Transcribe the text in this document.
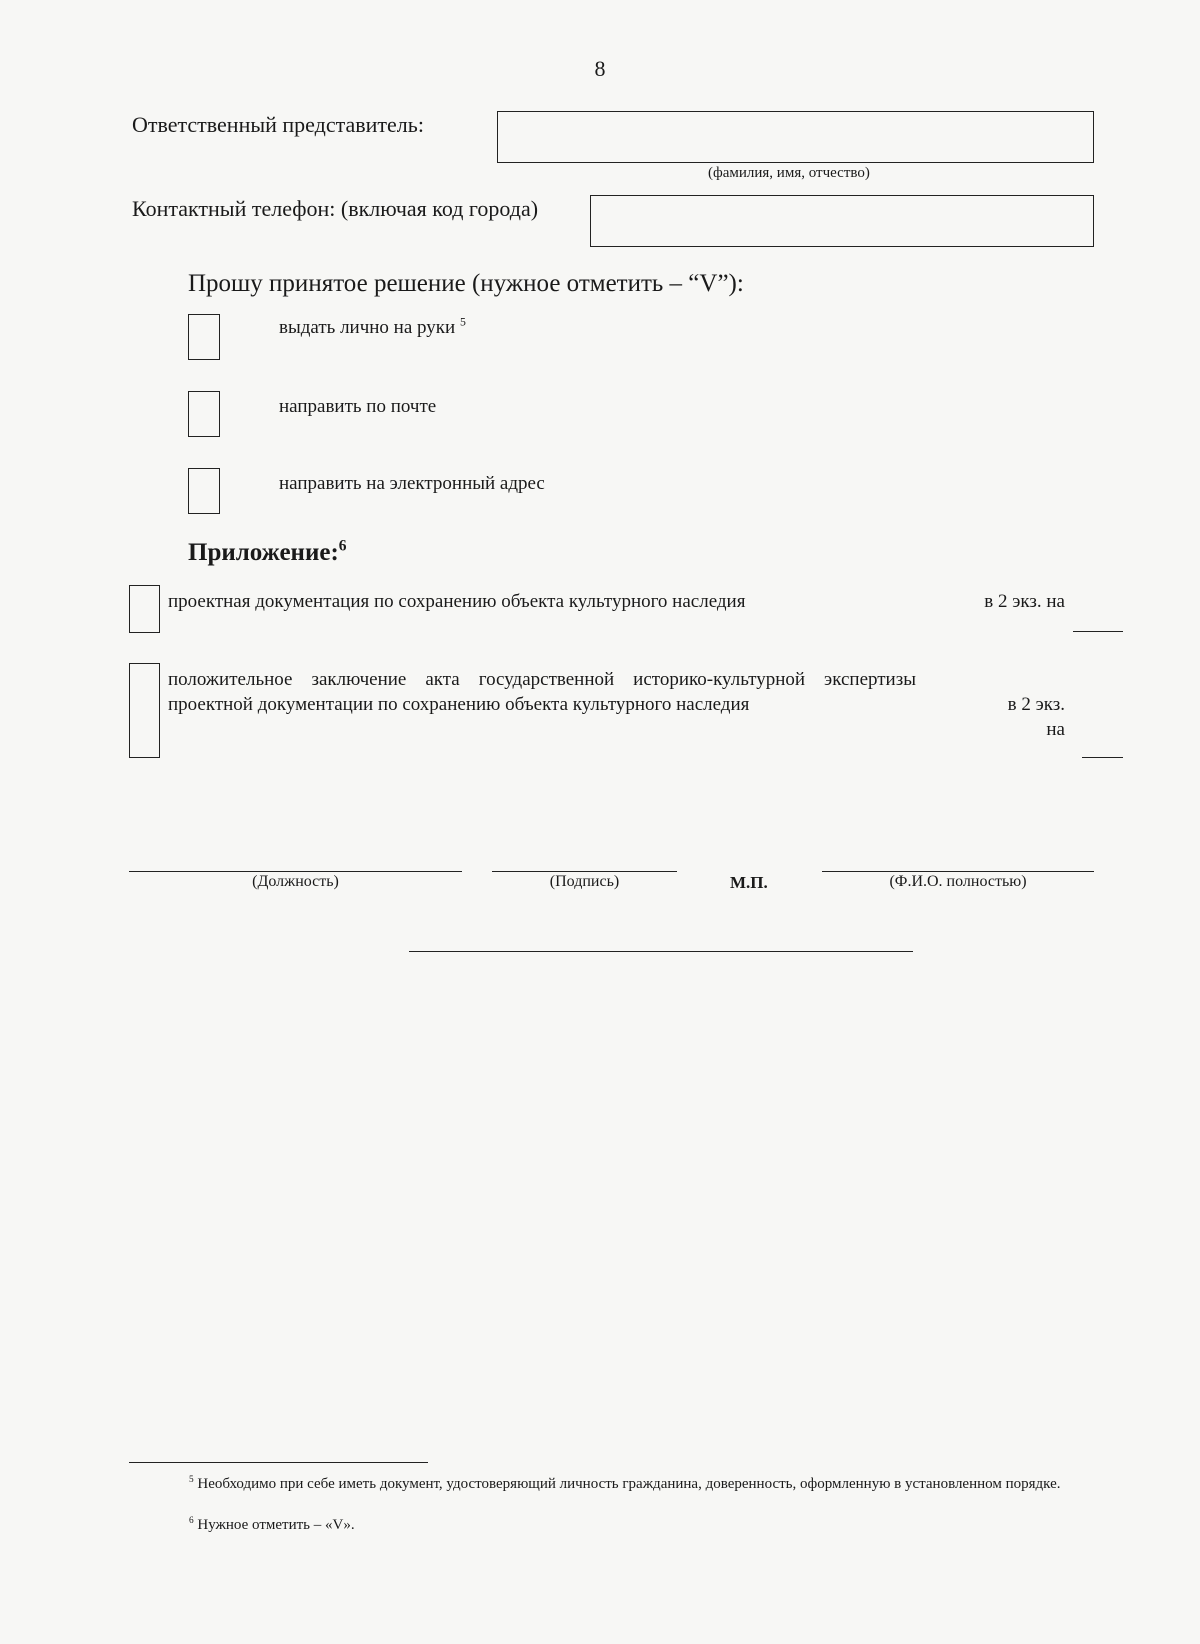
8
Ответственный представитель:
(фамилия, имя, отчество)
Контактный телефон: (включая код города)
Прошу принятое решение (нужное отметить – “V”):
выдать лично на руки $^5$
направить по почте
направить на электронный адрес
Приложение:$^6$
проектная документация по сохранению объекта культурного наследия	в 2 экз. на
положительное заключение акта государственной историко-культурной экспертизы проектной документации по сохранению объекта культурного наследия	в 2 экз.
на
(Должность)	(Подпись)	М.П.	(Ф.И.О. полностью)
$^5$ Необходимо при себе иметь документ, удостоверяющий личность гражданина, доверенность, оформленную в установленном порядке.
$^6$ Нужное отметить – «V».
